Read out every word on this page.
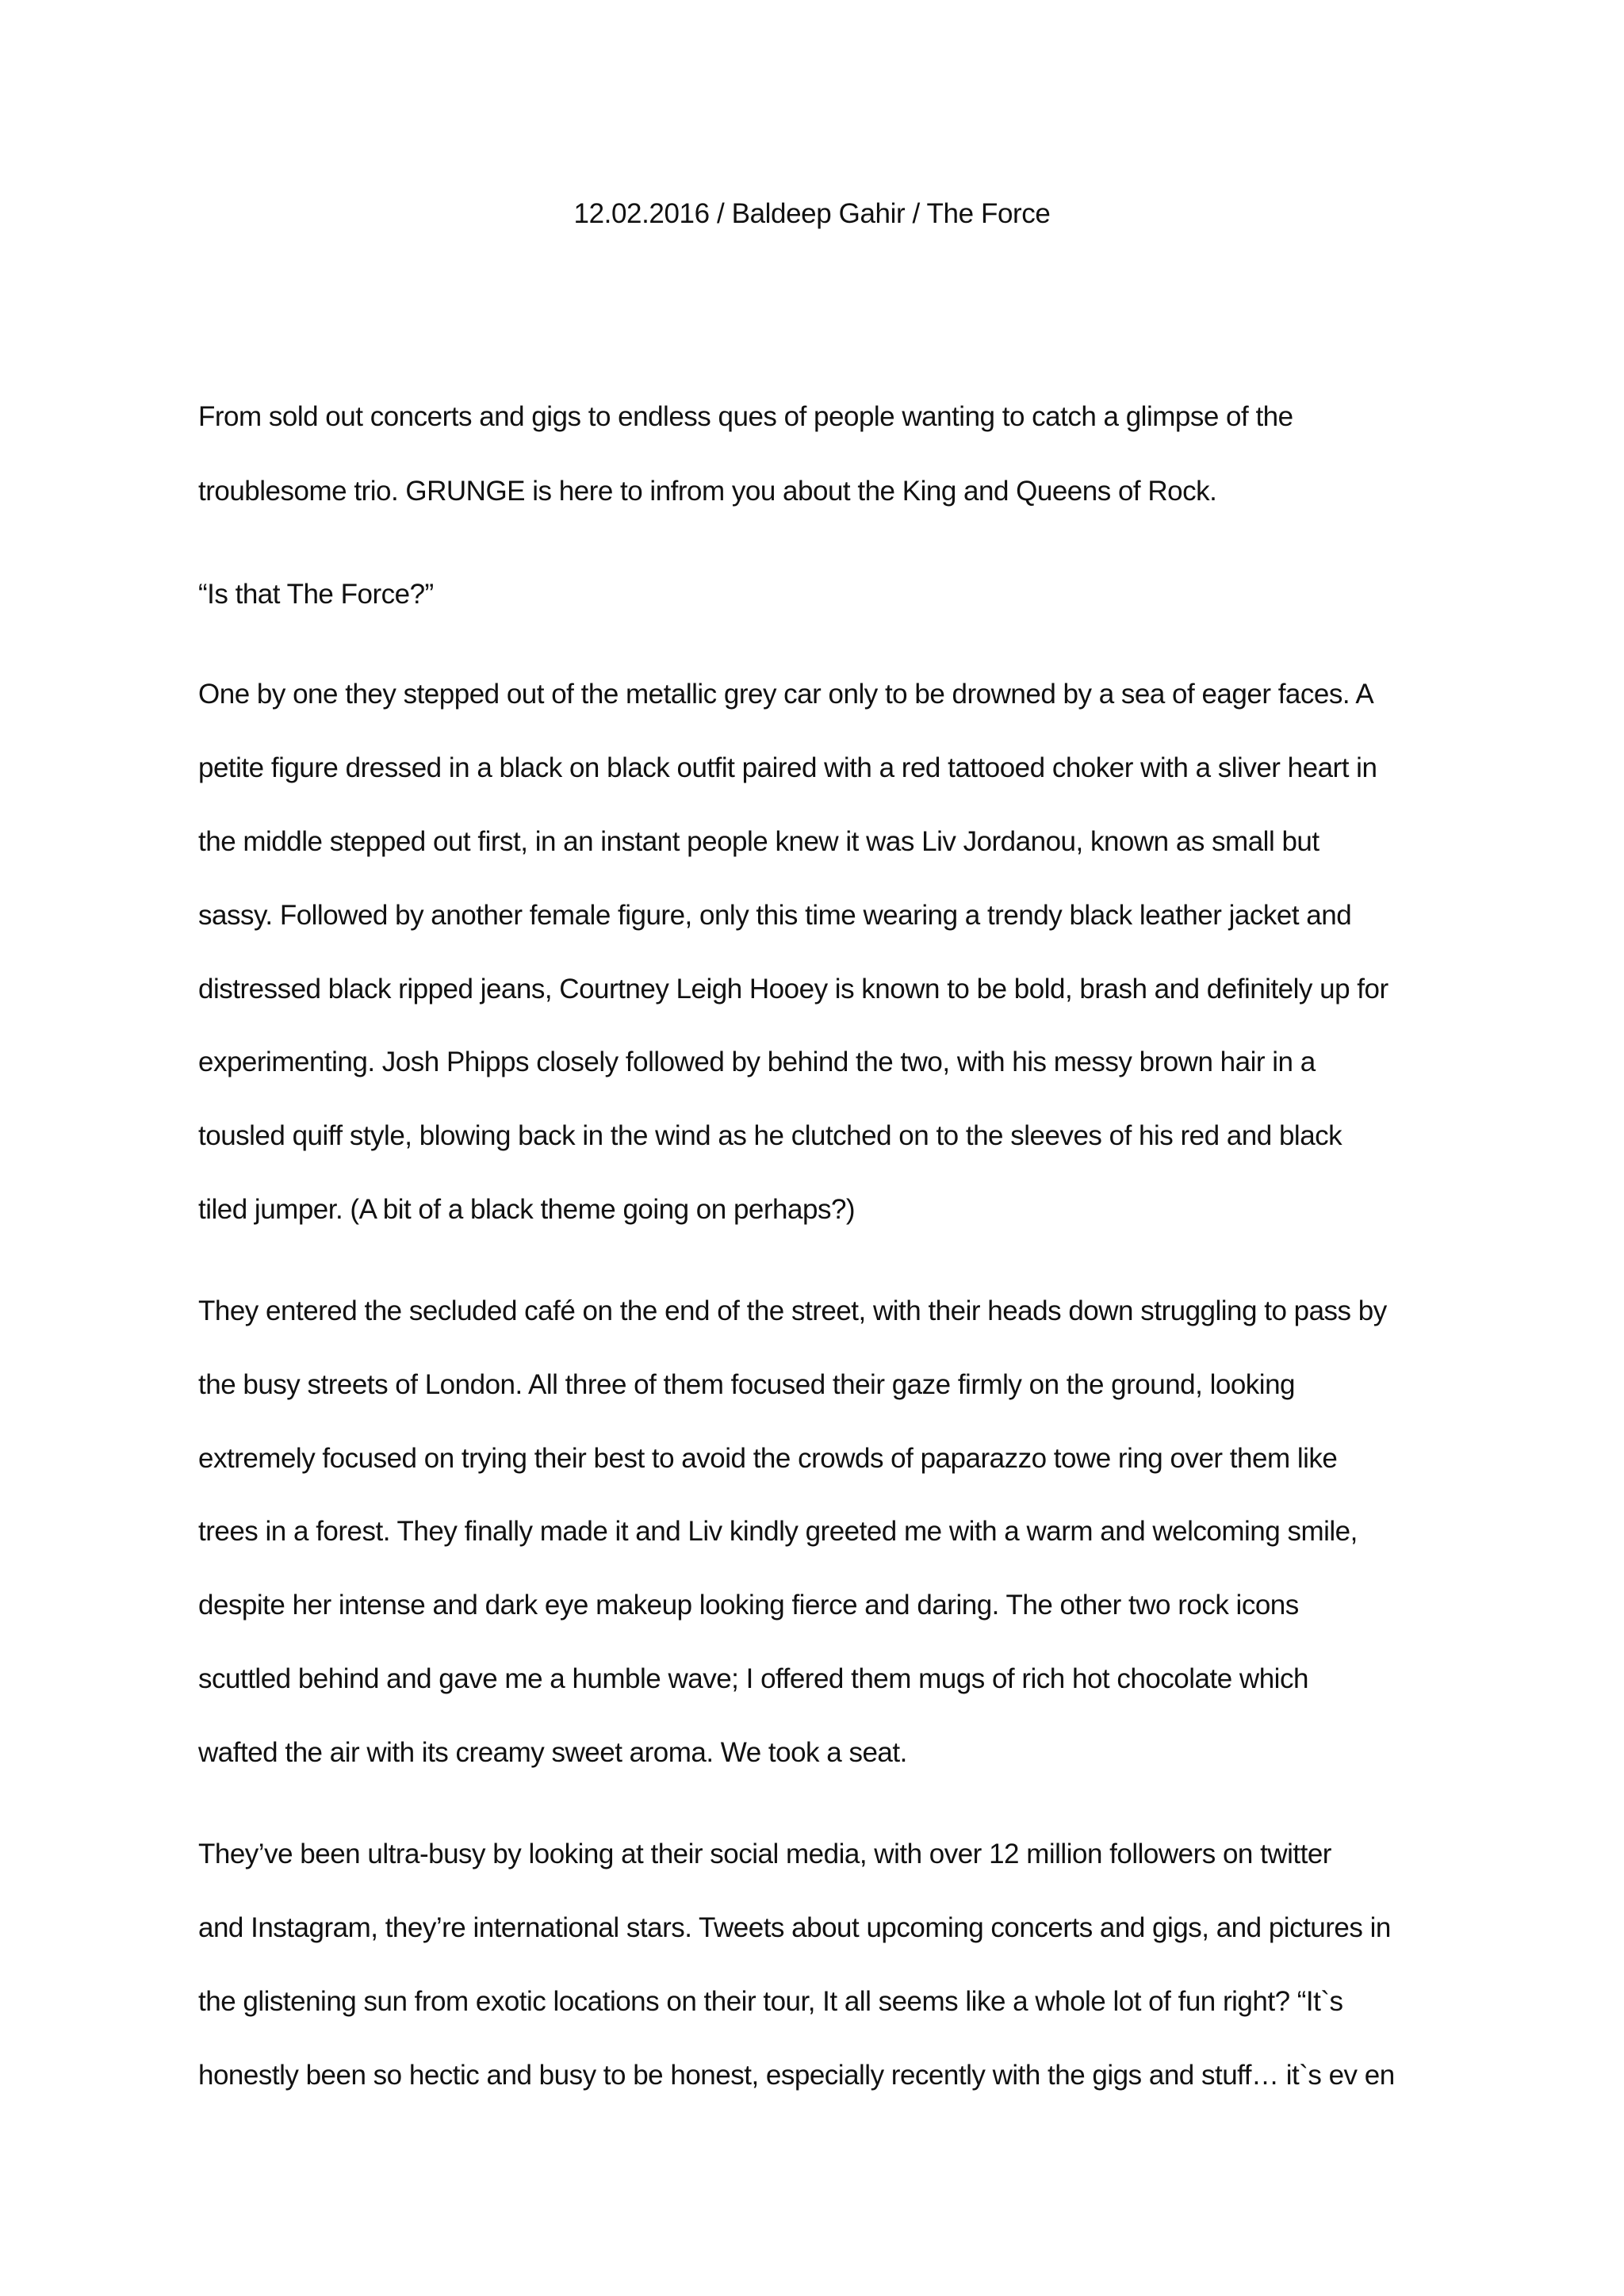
12.02.2016 / Baldeep Gahir / The Force
From sold out concerts and gigs to endless ques of people wanting to catch a glimpse of the
troublesome trio. GRUNGE is here to infrom you about the King and Queens of Rock.
“Is that The Force?”
One by one they stepped out of the metallic grey car only to be drowned by a sea of eager faces. A
petite figure dressed in a black on black outfit paired with a red tattooed choker with a sliver heart in
the middle stepped out first, in an instant people knew it was Liv Jordanou, known as small but
sassy. Followed by another female figure, only this time wearing a trendy black leather jacket and
distressed black ripped jeans, Courtney Leigh Hooey is known to be bold, brash and definitely up for
experimenting. Josh Phipps closely followed by behind the two, with his messy brown hair in a
tousled quiff style, blowing back in the wind as he clutched on to the sleeves of his red and black
tiled jumper. (A bit of a black theme going on perhaps?)
They entered the secluded café on the end of the street, with their heads down struggling to pass by
the busy streets of London. All three of them focused their gaze firmly on the ground, looking
extremely focused on trying their best to avoid the crowds of paparazzo towe ring over them like
trees in a forest. They finally made it and Liv kindly greeted me with a warm and welcoming smile,
despite her intense and dark eye makeup looking fierce and daring. The other two rock icons
scuttled behind and gave me a humble wave; I offered them mugs of rich hot chocolate which
wafted the air with its creamy sweet aroma. We took a seat.
They’ve been ultra-busy by looking at their social media, with over 12 million followers on twitter
and Instagram, they’re international stars. Tweets about upcoming concerts and gigs, and pictures in
the glistening sun from exotic locations on their tour, It all seems like a whole lot of fun right? “It`s
honestly been so hectic and busy to be honest, especially recently with the gigs and stuff… it`s ev en
